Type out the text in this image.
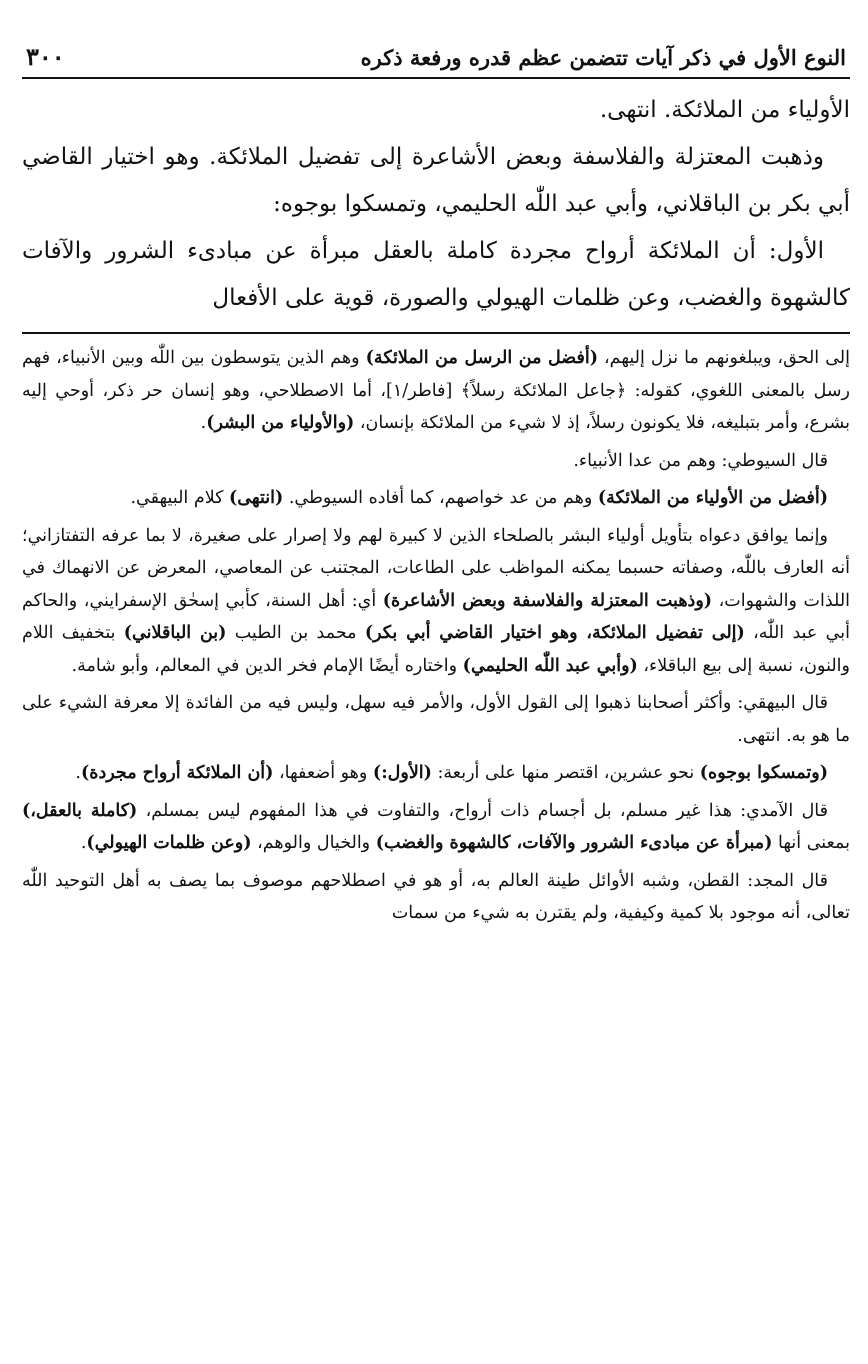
النوع الأول في ذكر آيات تتضمن عظم قدره ورفعة ذكره
٣٠٠

الأولياء من الملائكة. انتهى.

وذهبت المعتزلة والفلاسفة وبعض الأشاعرة إلى تفضيل الملائكة. وهو اختيار القاضي أبي بكر بن الباقلاني، وأبي عبد اللّٰه الحليمي، وتمسكوا بوجوه:

الأول: أن الملائكة أرواح مجردة كاملة بالعقل مبرأة عن مبادىء الشرور والآفات كالشهوة والغضب، وعن ظلمات الهيولي والصورة، قوية على الأفعال

إلى الحق، ويبلغونهم ما نزل إليهم، (أفضل من الرسل من الملائكة) وهم الذين يتوسطون بين اللّٰه وبين الأنبياء، فهم رسل بالمعنى اللغوي، كقوله: ﴿جاعل الملائكة رسلاً﴾ [فاطر/١]، أما الاصطلاحي، وهو إنسان حر ذكر، أوحي إليه بشرع، وأمر بتبليغه، فلا يكونون رسلاً، إذ لا شيء من الملائكة بإنسان، (والأولياء من البشر).

قال السيوطي: وهم من عدا الأنبياء.

(أفضل من الأولياء من الملائكة) وهم من عد خواصهم، كما أفاده السيوطي. (انتهى) كلام البيهقي.

وإنما يوافق دعواه بتأويل أولياء البشر بالصلحاء الذين لا كبيرة لهم ولا إصرار على صغيرة، لا بما عرفه التفتازاني؛ أنه العارف باللّٰه، وصفاته حسبما يمكنه المواظب على الطاعات، المجتنب عن المعاصي، المعرض عن الانهماك في اللذات والشهوات، (وذهبت المعتزلة والفلاسفة وبعض الأشاعرة) أي: أهل السنة، كأبي إسحٰق الإسفرايني، والحاكم أبي عبد اللّٰه، (إلى تفضيل الملائكة، وهو اختيار القاضي أبي بكر) محمد بن الطيب (بن الباقلاني) بتخفيف اللام والنون، نسبة إلى بيع الباقلاء، (وأبي عبد اللّٰه الحليمي) واختاره أيضًا الإمام فخر الدين في المعالم، وأبو شامة.

قال البيهقي: وأكثر أصحابنا ذهبوا إلى القول الأول، والأمر فيه سهل، وليس فيه من الفائدة إلا معرفة الشيء على ما هو به. انتهى.

(وتمسكوا بوجوه) نحو عشرين، اقتصر منها على أربعة: (الأول:) وهو أضعفها، (أن الملائكة أرواح مجردة).

قال الآمدي: هذا غير مسلم، بل أجسام ذات أرواح، والتفاوت في هذا المفهوم ليس بمسلم، (كاملة بالعقل،) بمعنى أنها (مبرأة عن مبادىء الشرور والآفات، كالشهوة والغضب) والخيال والوهم، (وعن ظلمات الهيولي).

قال المجد: القطن، وشبه الأوائل طينة العالم به، أو هو في اصطلاحهم موصوف بما يصف به أهل التوحيد اللّٰه تعالى، أنه موجود بلا كمية وكيفية، ولم يقترن به شيء من سمات
